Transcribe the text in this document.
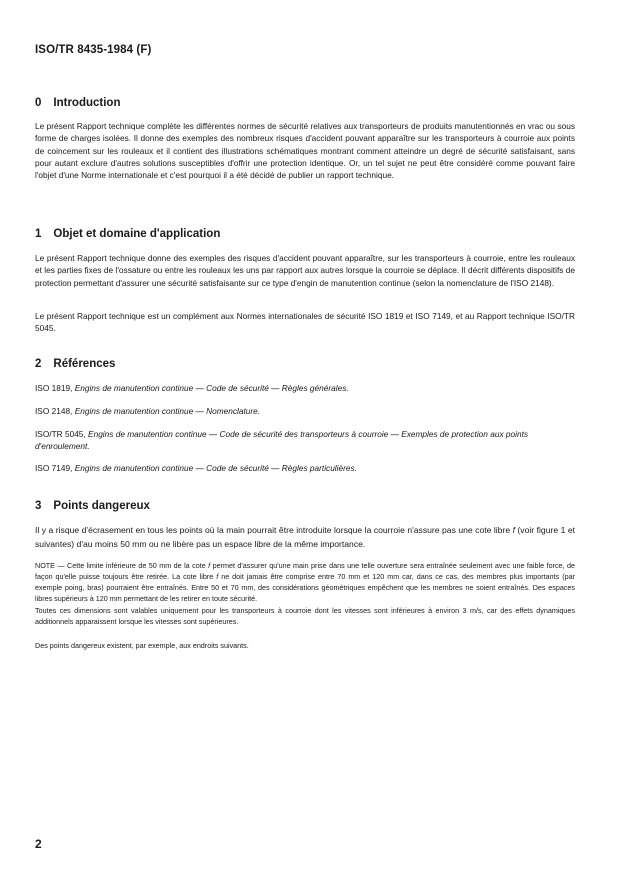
ISO/TR 8435-1984 (F)
0 Introduction

Le présent Rapport technique complète les différentes normes de sécurité relatives aux transporteurs de produits manutentionnés en vrac ou sous forme de charges isolées. Il donne des exemples des nombreux risques d'accident pouvant apparaître sur les transporteurs à courroie aux points de coincement sur les rouleaux et il contient des illustrations schématiques montrant comment atteindre un degré de sécurité satisfaisant, sans pour autant exclure d'autres solutions susceptibles d'offrir une protection identique. Or, un tel sujet ne peut être considéré comme pouvant faire l'objet d'une Norme internationale et c'est pourquoi il a été décidé de publier un rapport technique.

1 Objet et domaine d'application

Le présent Rapport technique donne des exemples des risques d'accident pouvant apparaître, sur les transporteurs à courroie, entre les rouleaux et les parties fixes de l'ossature ou entre les rouleaux les uns par rapport aux autres lorsque la courroie se déplace. Il décrit différents dispositifs de protection permettant d'assurer une sécurité satisfaisante sur ce type d'engin de manutention continue (selon la nomenclature de l'ISO 2148).

Le présent Rapport technique est un complément aux Normes internationales de sécurité ISO 1819 et ISO 7149, et au Rapport technique ISO/TR 5045.

2 Références

ISO 1819, Engins de manutention continue — Code de sécurité — Règles générales.

ISO 2148, Engins de manutention continue — Nomenclature.

ISO/TR 5045, Engins de manutention continue — Code de sécurité des transporteurs à courroie — Exemples de protection aux points d'enroulement.

ISO 7149, Engins de manutention continue — Code de sécurité — Règles particulières.

3 Points dangereux

Il y a risque d'écrasement en tous les points où la main pourrait être introduite lorsque la courroie n'assure pas une cote libre f (voir figure 1 et suivantes) d'au moins 50 mm ou ne libère pas un espace libre de la même importance.

NOTE — Cette limite inférieure de 50 mm de la cote f permet d'assurer qu'une main prise dans une telle ouverture sera entraînée seulement avec une faible force, de façon qu'elle puisse toujours être retirée. La cote libre f ne doit jamais être comprise entre 70 mm et 120 mm car, dans ce cas, des membres plus importants (par exemple poing, bras) pourraient être entraînés. Entre 50 et 70 mm, des considérations géométriques empêchent que les membres ne soient entraînés. Des espaces libres supérieurs à 120 mm permettant de les retirer en toute sécurité.

Toutes ces dimensions sont valables uniquement pour les transporteurs à courroie dont les vitesses sont inférieures à environ 3 m/s, car des effets dynamiques additionnels apparaissent lorsque les vitesses sont supérieures.

Des points dangereux existent, par exemple, aux endroits suivants.

2
